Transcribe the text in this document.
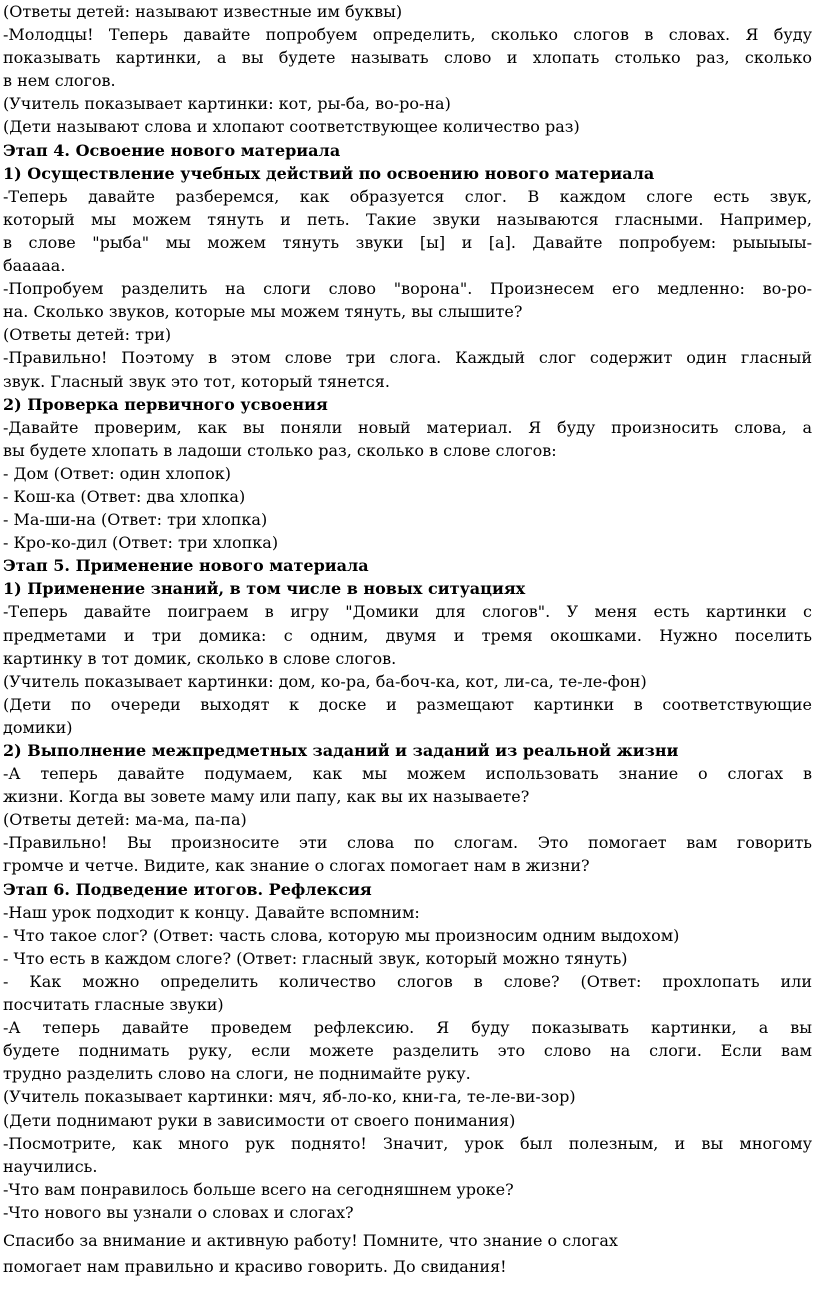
(Ответы детей: называют известные им буквы)
-Молодцы! Теперь давайте попробуем определить, сколько слогов в словах. Я буду
показывать картинки, а вы будете называть слово и хлопать столько раз, сколько
в нем слогов.
(Учитель показывает картинки: кот, ры-ба, во-ро-на)
(Дети называют слова и хлопают соответствующее количество раз)
Этап 4. Освоение нового материала
1) Осуществление учебных действий по освоению нового материала
-Теперь давайте разберемся, как образуется слог. В каждом слоге есть звук,
который мы можем тянуть и петь. Такие звуки называются гласными. Например,
в слове "рыба" мы можем тянуть звуки [ы] и [а]. Давайте попробуем: рыыыыы-
бааааа.
-Попробуем разделить на слоги слово "ворона". Произнесем его медленно: во-ро-
на. Сколько звуков, которые мы можем тянуть, вы слышите?
(Ответы детей: три)
-Правильно! Поэтому в этом слове три слога. Каждый слог содержит один гласный
звук. Гласный звук это тот, который тянется.
2) Проверка первичного усвоения
-Давайте проверим, как вы поняли новый материал. Я буду произносить слова, а
вы будете хлопать в ладоши столько раз, сколько в слове слогов:
- Дом (Ответ: один хлопок)
- Кош-ка (Ответ: два хлопка)
- Ма-ши-на (Ответ: три хлопка)
- Кро-ко-дил (Ответ: три хлопка)
Этап 5. Применение нового материала
1) Применение знаний, в том числе в новых ситуациях
-Теперь давайте поиграем в игру "Домики для слогов". У меня есть картинки с
предметами и три домика: с одним, двумя и тремя окошками. Нужно поселить
картинку в тот домик, сколько в слове слогов.
(Учитель показывает картинки: дом, ко-ра, ба-боч-ка, кот, ли-са, те-ле-фон)
(Дети по очереди выходят к доске и размещают картинки в соответствующие
домики)
2) Выполнение межпредметных заданий и заданий из реальной жизни
-А теперь давайте подумаем, как мы можем использовать знание о слогах в
жизни. Когда вы зовете маму или папу, как вы их называете?
(Ответы детей: ма-ма, па-па)
-Правильно! Вы произносите эти слова по слогам. Это помогает вам говорить
громче и четче. Видите, как знание о слогах помогает нам в жизни?
Этап 6. Подведение итогов. Рефлексия
-Наш урок подходит к концу. Давайте вспомним:
- Что такое слог? (Ответ: часть слова, которую мы произносим одним выдохом)
- Что есть в каждом слоге? (Ответ: гласный звук, который можно тянуть)
- Как можно определить количество слогов в слове? (Ответ: прохлопать или
посчитать гласные звуки)
-А теперь давайте проведем рефлексию. Я буду показывать картинки, а вы
будете поднимать руку, если можете разделить это слово на слоги. Если вам
трудно разделить слово на слоги, не поднимайте руку.
(Учитель показывает картинки: мяч, яб-ло-ко, кни-га, те-ле-ви-зор)
(Дети поднимают руки в зависимости от своего понимания)
-Посмотрите, как много рук поднято! Значит, урок был полезным, и вы многому
научились.
-Что вам понравилось больше всего на сегодняшнем уроке?
-Что нового вы узнали о словах и слогах?
Спасибо за внимание и активную работу! Помните, что знание о слогах
помогает нам правильно и красиво говорить. До свидания!
